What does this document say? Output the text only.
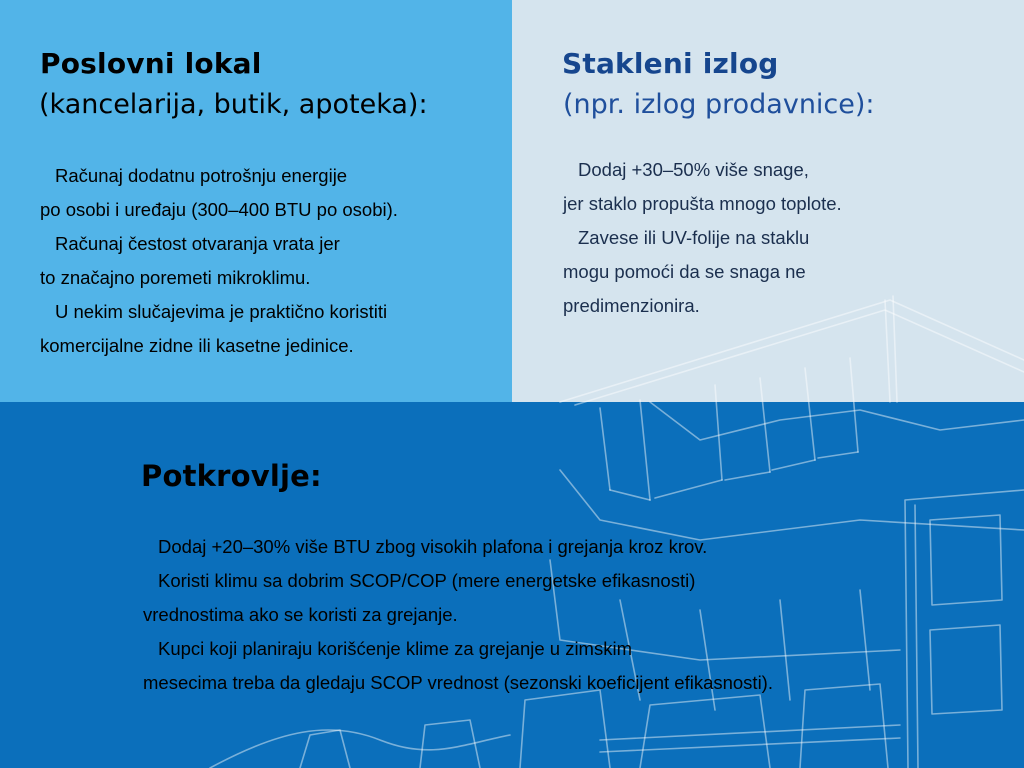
Poslovni lokal
(kancelarija, butik, apoteka):
Računaj dodatnu potrošnju energije
po osobi i uređaju (300–400 BTU po osobi).
Računaj čestost otvaranja vrata jer
to značajno poremeti mikroklimu.
U nekim slučajevima je praktično koristiti
komercijalne zidne ili kasetne jedinice.
Stakleni izlog
(npr. izlog prodavnice):
Dodaj +30–50% više snage,
jer staklo propušta mnogo toplote.
Zavese ili UV-folije na staklu
mogu pomoći da se snaga ne
predimenzionira.
Potkrovlje:
Dodaj +20–30% više BTU zbog visokih plafona i grejanja kroz krov.
Koristi klimu sa dobrim SCOP/COP (mere energetske efikasnosti)
vrednostima ako se koristi za grejanje.
Kupci koji planiraju korišćenje klime za grejanje u zimskim
mesecima treba da gledaju SCOP vrednost (sezonski koeficijent efikasnosti).
